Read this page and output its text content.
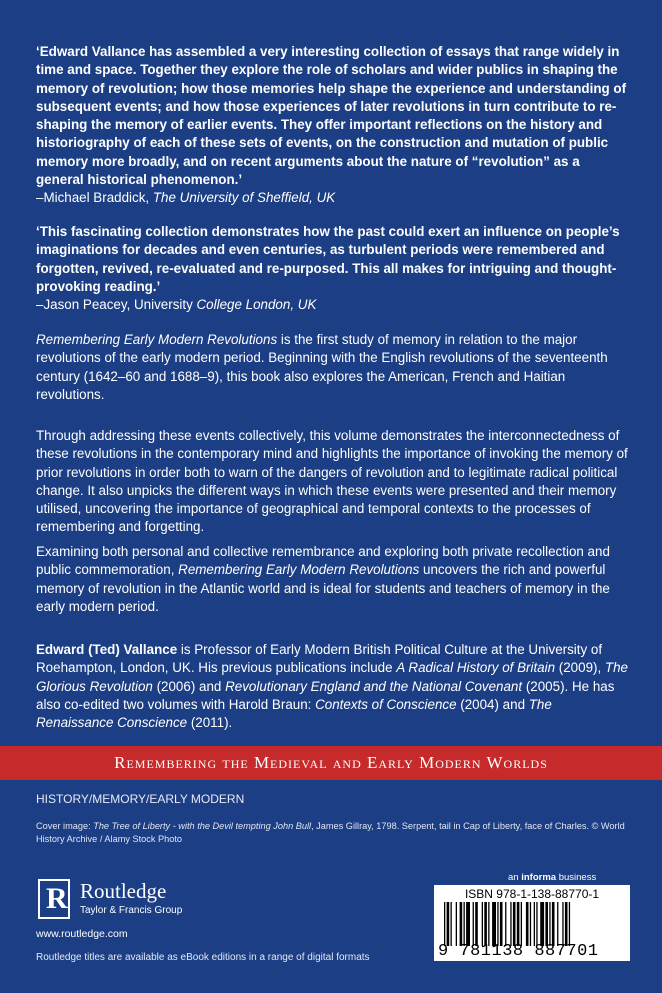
‘Edward Vallance has assembled a very interesting collection of essays that range widely in time and space. Together they explore the role of scholars and wider publics in shaping the memory of revolution; how those memories help shape the experience and understanding of subsequent events; and how those experiences of later revolutions in turn contribute to re-shaping the memory of earlier events. They offer important reflections on the history and historiography of each of these sets of events, on the construction and mutation of public memory more broadly, and on recent arguments about the nature of “revolution” as a general historical phenomenon.’
–Michael Braddick, The University of Sheffield, UK
‘This fascinating collection demonstrates how the past could exert an influence on people’s imaginations for decades and even centuries, as turbulent periods were remembered and forgotten, revived, re-evaluated and re-purposed. This all makes for intriguing and thought-provoking reading.’
–Jason Peacey, University College London, UK
Remembering Early Modern Revolutions is the first study of memory in relation to the major revolutions of the early modern period. Beginning with the English revolutions of the seventeenth century (1642–60 and 1688–9), this book also explores the American, French and Haitian revolutions.
Through addressing these events collectively, this volume demonstrates the interconnectedness of these revolutions in the contemporary mind and highlights the importance of invoking the memory of prior revolutions in order both to warn of the dangers of revolution and to legitimate radical political change. It also unpicks the different ways in which these events were presented and their memory utilised, uncovering the importance of geographical and temporal contexts to the processes of remembering and forgetting.
Examining both personal and collective remembrance and exploring both private recollection and public commemoration, Remembering Early Modern Revolutions uncovers the rich and powerful memory of revolution in the Atlantic world and is ideal for students and teachers of memory in the early modern period.
Edward (Ted) Vallance is Professor of Early Modern British Political Culture at the University of Roehampton, London, UK. His previous publications include A Radical History of Britain (2009), The Glorious Revolution (2006) and Revolutionary England and the National Covenant (2005). He has also co-edited two volumes with Harold Braun: Contexts of Conscience (2004) and The Renaissance Conscience (2011).
Remembering the Medieval and Early Modern Worlds
HISTORY/MEMORY/EARLY MODERN
Cover image: The Tree of Liberty - with the Devil tempting John Bull, James Gillray, 1798. Serpent, tail in Cap of Liberty, face of Charles. © World History Archive / Alamy Stock Photo
R Routledge
Taylor & Francis Group
www.routledge.com
Routledge titles are available as eBook editions in a range of digital formats
an informa business
ISBN 978-1-138-88770-1
9 781138 887701
